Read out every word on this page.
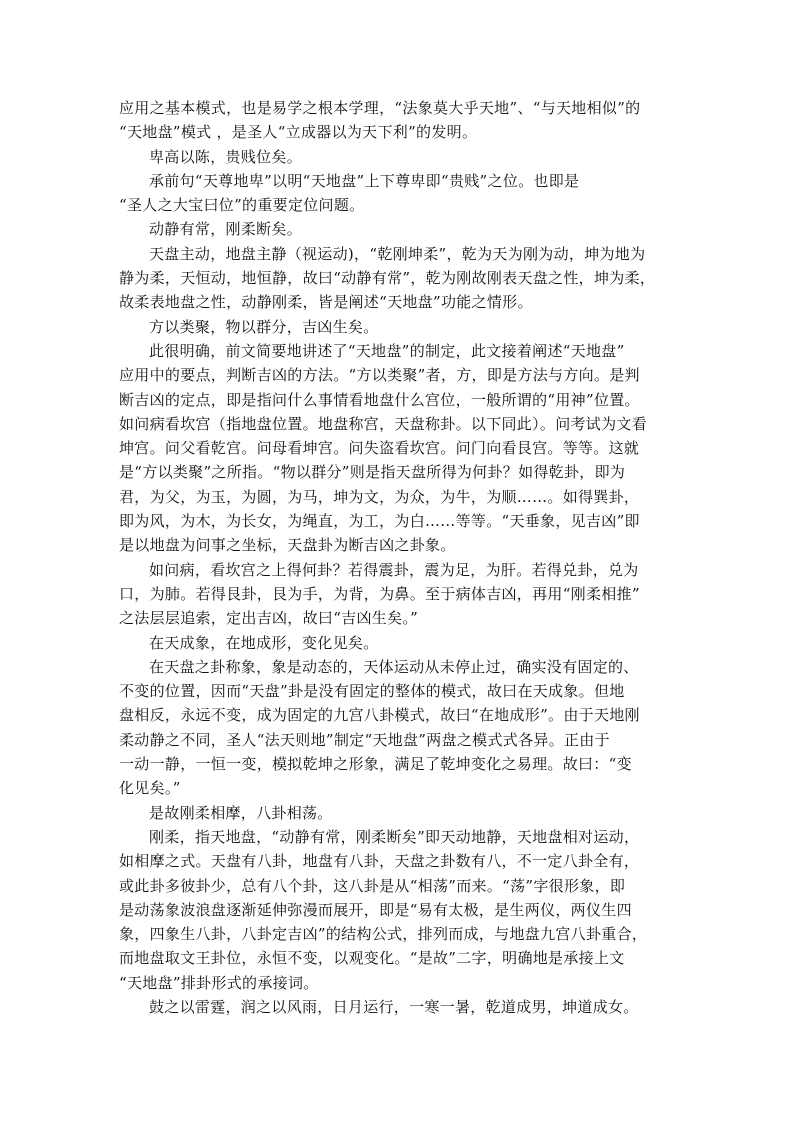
应用之基本模式，也是易学之根本学理，“法象莫大乎天地”、“与天地相似”的
“天地盘”模式 ，是圣人“立成器以为天下利”的发明。
卑高以陈，贵贱位矣。
承前句“天尊地卑”以明“天地盘”上下尊卑即“贵贱”之位。也即是
“圣人之大宝曰位”的重要定位问题。
动静有常，刚柔断矣。
天盘主动，地盘主静（视运动)，“乾刚坤柔”，乾为天为刚为动，坤为地为
静为柔，天恒动，地恒静，故曰“动静有常”，乾为刚故刚表天盘之性，坤为柔，
故柔表地盘之性，动静刚柔，皆是阐述“天地盘”功能之情形。
方以类聚，物以群分，吉凶生矣。
此很明确，前文简要地讲述了“天地盘”的制定，此文接着阐述“天地盘”
应用中的要点，判断吉凶的方法。“方以类聚”者，方，即是方法与方向。是判
断吉凶的定点，即是指问什么事情看地盘什么宫位，一般所谓的“用神”位置。
如问病看坎宫（指地盘位置。地盘称宫，天盘称卦。以下同此）。问考试为文看
坤宫。问父看乾宫。问母看坤宫。问失盗看坎宫。问门向看艮宫。等等。这就
是“方以类聚”之所指。“物以群分”则是指天盘所得为何卦？如得乾卦，即为
君，为父，为玉，为圆，为马，坤为文，为众，为牛，为顺……。如得巽卦，
即为风，为木，为长女，为绳直，为工，为白……等等。“天垂象，见吉凶”即
是以地盘为问事之坐标，天盘卦为断吉凶之卦象。
如问病，看坎宫之上得何卦？若得震卦，震为足，为肝。若得兑卦，兑为
口，为肺。若得艮卦，艮为手，为背，为鼻。至于病体吉凶，再用“刚柔相推”
之法层层追索，定出吉凶，故曰“吉凶生矣。”
在天成象，在地成形，变化见矣。
在天盘之卦称象，象是动态的，天体运动从未停止过，确实没有固定的、
不变的位置，因而“天盘”卦是没有固定的整体的模式，故曰在天成象。但地
盘相反，永远不变，成为固定的九宫八卦模式，故曰“在地成形”。由于天地刚
柔动静之不同，圣人“法天则地”制定“天地盘”两盘之模式式各异。正由于
一动一静，一恒一变，模拟乾坤之形象，满足了乾坤变化之易理。故曰：“变
化见矣。”
是故刚柔相摩，八卦相荡。
刚柔，指天地盘，“动静有常，刚柔断矣”即天动地静，天地盘相对运动，
如相摩之式。天盘有八卦，地盘有八卦，天盘之卦数有八，不一定八卦全有，
或此卦多彼卦少，总有八个卦，这八卦是从“相荡”而来。“荡”字很形象，即
是动荡象波浪盘逐渐延伸弥漫而展开，即是“易有太极，是生两仪，两仪生四
象，四象生八卦，八卦定吉凶”的结构公式，排列而成，与地盘九宫八卦重合，
而地盘取文王卦位，永恒不变，以观变化。“是故”二字，明确地是承接上文
“天地盘”排卦形式的承接词。
鼓之以雷霆，润之以风雨，日月运行，一寒一暑，乾道成男，坤道成女。
